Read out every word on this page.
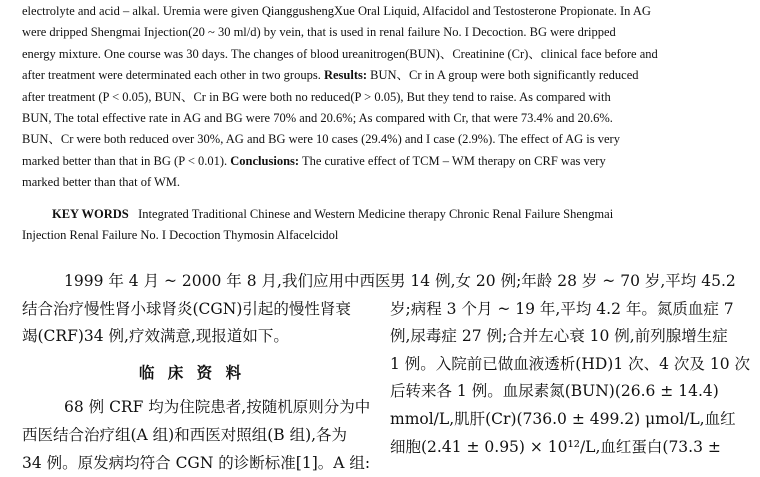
electrolyte and acid – alkal. Uremia were given QianggushengXue Oral Liquid, Alfacidol and Testosterone Propionate. In AG

were dripped Shengmai Injection(20 ~ 30 ml/d) by vein, that is used in renal failure No. I Decoction. BG were dripped

energy mixture. One course was 30 days. The changes of blood ureanitrogen(BUN)、Creatinine (Cr)、clinical face before and

after treatment were determinated each other in two groups. Results: BUN、Cr in A group were both significantly reduced

after treatment (P < 0.05), BUN、Cr in BG were both no reduced(P > 0.05), But they tend to raise. As compared with

BUN, The total effective rate in AG and BG were 70% and 20.6%; As compared with Cr, that were 73.4% and 20.6%.

BUN、Cr were both reduced over 30%, AG and BG were 10 cases (29.4%) and I case (2.9%). The effect of AG is very

marked better than that in BG (P < 0.01). Conclusions: The curative effect of TCM – WM therapy on CRF was very

marked better than that of WM.

KEY WORDS Integrated Traditional Chinese and Western Medicine therapy Chronic Renal Failure Shengmai

Injection Renal Failure No. I Decoction Thymosin Alfacelcidol

1999 年 4 月 ~ 2000 年 8 月,我们应用中西医

结合治疗慢性肾小球肾炎(CGN)引起的慢性肾衰

竭(CRF)34 例,疗效满意,现报道如下。

临 床 资 料

68 例 CRF 均为住院患者,按随机原则分为中

西医结合治疗组(A 组)和西医对照组(B 组),各为

34 例。原发病均符合 CGN 的诊断标准[1]。A 组:

男 14 例,女 20 例;年龄 28 岁 ~ 70 岁,平均 45.2

岁;病程 3 个月 ~ 19 年,平均 4.2 年。氮质血症 7

例,尿毒症 27 例;合并左心衰 10 例,前列腺增生症

1 例。入院前已做血液透析(HD)1 次、4 次及 10 次

后转来各 1 例。血尿素氮(BUN)(26.6 ± 14.4)

mmol/L,肌肝(Cr)(736.0 ± 499.2) μmol/L,血红

细胞(2.41 ± 0.95) × 10¹²/L,血红蛋白(73.3 ±
